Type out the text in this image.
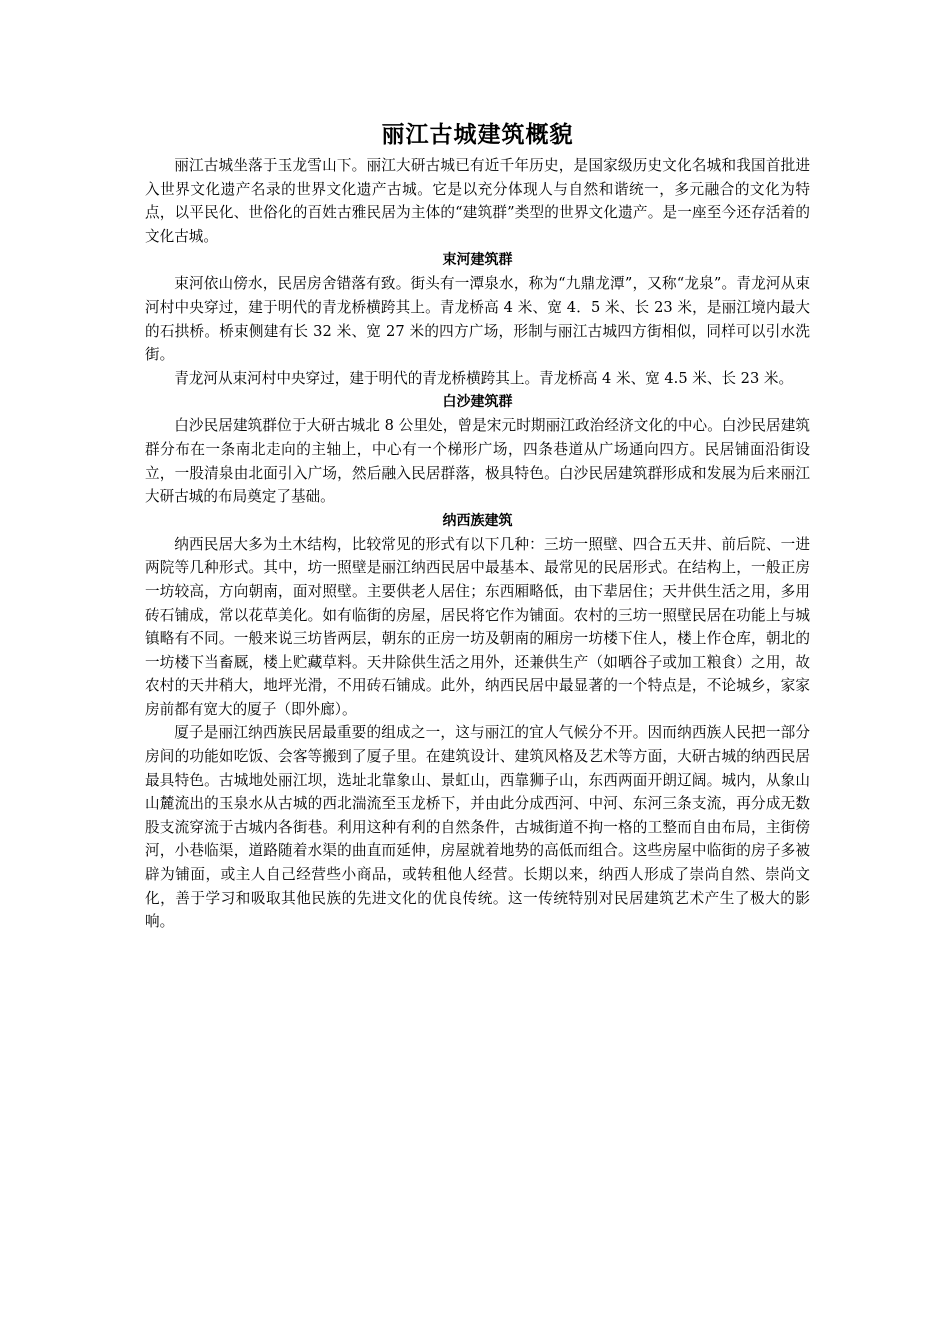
丽江古城建筑概貌

丽江古城坐落于玉龙雪山下。丽江大研古城已有近千年历史，是国家级历史文化名城和我国首批进入世界文化遗产名录的世界文化遗产古城。它是以充分体现人与自然和谐统一，多元融合的文化为特点，以平民化、世俗化的百姓古雅民居为主体的“建筑群”类型的世界文化遗产。是一座至今还存活着的文化古城。

束河建筑群

束河依山傍水，民居房舍错落有致。街头有一潭泉水，称为“九鼎龙潭”，又称“龙泉”。青龙河从束河村中央穿过，建于明代的青龙桥横跨其上。青龙桥高 4 米、宽 4．5 米、长 23 米，是丽江境内最大的石拱桥。桥束侧建有长 32 米、宽 27 米的四方广场，形制与丽江古城四方街相似，同样可以引水洗街。

青龙河从束河村中央穿过，建于明代的青龙桥横跨其上。青龙桥高 4 米、宽 4.5 米、长 23 米。

白沙建筑群

白沙民居建筑群位于大研古城北 8 公里处，曾是宋元时期丽江政治经济文化的中心。白沙民居建筑群分布在一条南北走向的主轴上，中心有一个梯形广场，四条巷道从广场通向四方。民居铺面沿街设立，一股清泉由北面引入广场，然后融入民居群落，极具特色。白沙民居建筑群形成和发展为后来丽江大研古城的布局奠定了基础。

纳西族建筑

纳西民居大多为土木结构，比较常见的形式有以下几种：三坊一照壁、四合五天井、前后院、一进两院等几种形式。其中，坊一照壁是丽江纳西民居中最基本、最常见的民居形式。在结构上，一般正房一坊较高，方向朝南，面对照壁。主要供老人居住；东西厢略低，由下辈居住；天井供生活之用，多用砖石铺成，常以花草美化。如有临街的房屋，居民将它作为铺面。农村的三坊一照壁民居在功能上与城镇略有不同。一般来说三坊皆两层，朝东的正房一坊及朝南的厢房一坊楼下住人，楼上作仓库，朝北的一坊楼下当畜厩，楼上贮藏草料。天井除供生活之用外，还兼供生产（如晒谷子或加工粮食）之用，故农村的天井稍大，地坪光滑，不用砖石铺成。此外，纳西民居中最显著的一个特点是，不论城乡，家家房前都有宽大的厦子（即外廊）。

厦子是丽江纳西族民居最重要的组成之一，这与丽江的宜人气候分不开。因而纳西族人民把一部分房间的功能如吃饭、会客等搬到了厦子里。在建筑设计、建筑风格及艺术等方面，大研古城的纳西民居最具特色。古城地处丽江坝，选址北靠象山、景虹山，西靠狮子山，东西两面开朗辽阔。城内，从象山山麓流出的玉泉水从古城的西北湍流至玉龙桥下，并由此分成西河、中河、东河三条支流，再分成无数股支流穿流于古城内各街巷。利用这种有利的自然条件，古城街道不拘一格的工整而自由布局，主街傍河，小巷临渠，道路随着水渠的曲直而延伸，房屋就着地势的高低而组合。这些房屋中临街的房子多被辟为铺面，或主人自己经营些小商品，或转租他人经营。长期以来，纳西人形成了崇尚自然、崇尚文化，善于学习和吸取其他民族的先进文化的优良传统。这一传统特别对民居建筑艺术产生了极大的影响。
